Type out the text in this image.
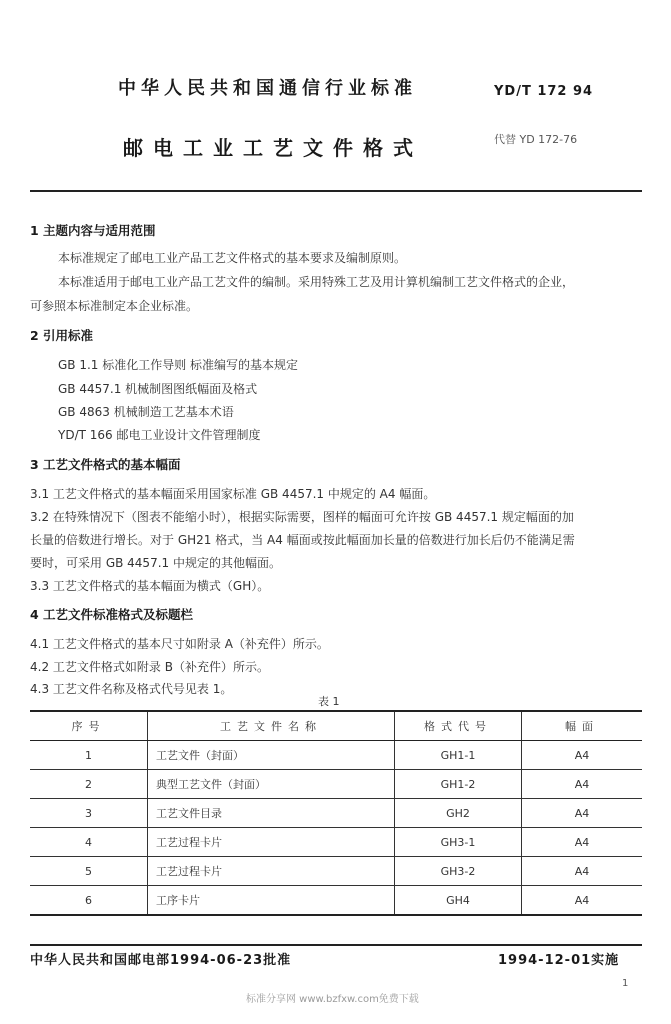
中华人民共和国通信行业标准	YD/T 172 94
邮电工业工艺文件格式	代替 YD 172-76
1 主题内容与适用范围
本标准规定了邮电工业产品工艺文件格式的基本要求及编制原则。
本标准适用于邮电工业产品工艺文件的编制。采用特殊工艺及用计算机编制工艺文件格式的企业，
可参照本标准制定本企业标准。
2 引用标准
GB 1.1 标准化工作导则 标准编写的基本规定
GB 4457.1 机械制图图纸幅面及格式
GB 4863 机械制造工艺基本术语
YD/T 166 邮电工业设计文件管理制度
3 工艺文件格式的基本幅面
3.1 工艺文件格式的基本幅面采用国家标准 GB 4457.1 中规定的 A4 幅面。
3.2 在特殊情况下（图表不能缩小时），根据实际需要，图样的幅面可允许按 GB 4457.1 规定幅面的加
长量的倍数进行增长。对于 GH21 格式，当 A4 幅面或按此幅面加长量的倍数进行加长后仍不能满足需
要时，可采用 GB 4457.1 中规定的其他幅面。
3.3 工艺文件格式的基本幅面为横式（GH）。
4 工艺文件标准格式及标题栏
4.1 工艺文件格式的基本尺寸如附录 A（补充件）所示。
4.2 工艺文件格式如附录 B（补充件）所示。
4.3 工艺文件名称及格式代号见表 1。
表 1
序号	工艺文件名称	格式代号	幅面
1	工艺文件（封面）	GH1-1	A4
2	典型工艺文件（封面）	GH1-2	A4
3	工艺文件目录	GH2	A4
4	工艺过程卡片	GH3-1	A4
5	工艺过程卡片	GH3-2	A4
6	工序卡片	GH4	A4
中华人民共和国邮电部1994-06-23批准	1994-12-01实施
1
标准分享网 www.bzfxw.com免费下载
